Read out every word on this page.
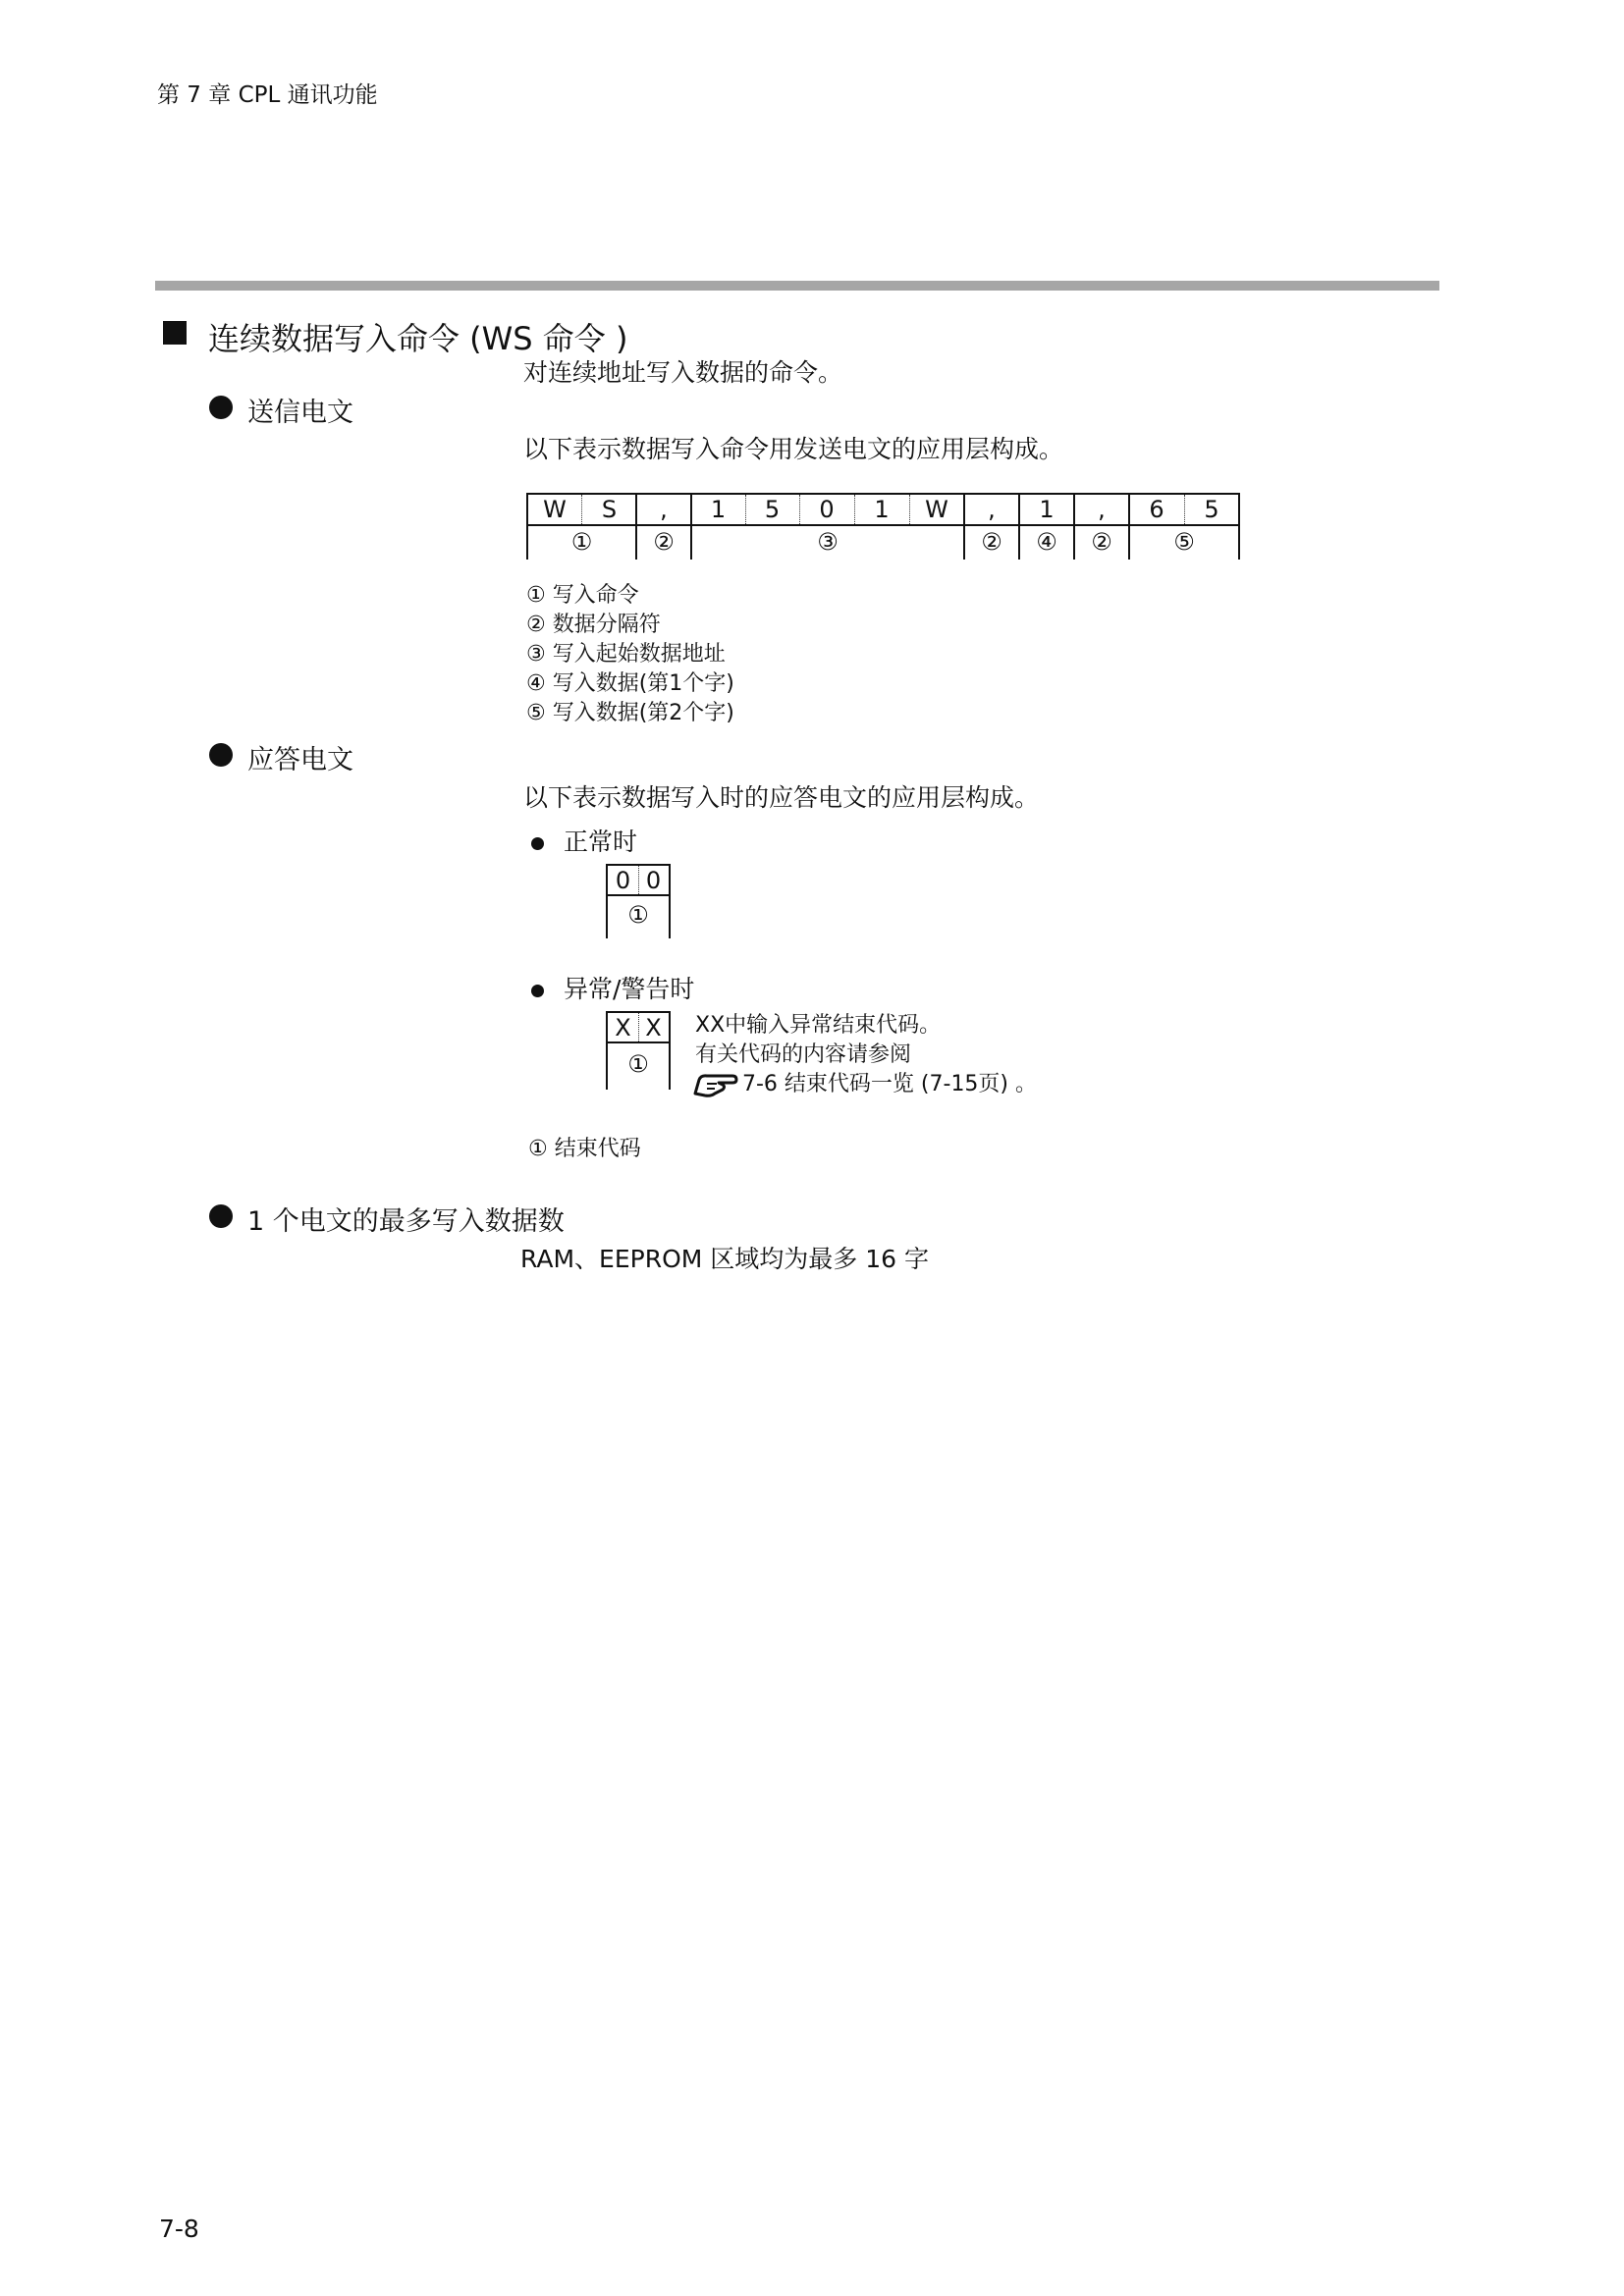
第 7 章 CPL 通讯功能
连续数据写入命令 (WS 命令 )
对连续地址写入数据的命令。
送信电文
以下表示数据写入命令用发送电文的应用层构成。
W	S	,	1	5	0	1	W	,	1	,	6	5
①	②	③	②	④	②	⑤
① 写入命令
② 数据分隔符
③ 写入起始数据地址
④ 写入数据(第1个字)
⑤ 写入数据(第2个字)
应答电文
以下表示数据写入时的应答电文的应用层构成。
正常时
0 0
①
异常/警告时
X X
①
XX中输入异常结束代码。
有关代码的内容请参阅
7-6 结束代码一览 (7-15页) 。
① 结束代码
1 个电文的最多写入数据数
RAM、EEPROM 区域均为最多 16 字
7-8
